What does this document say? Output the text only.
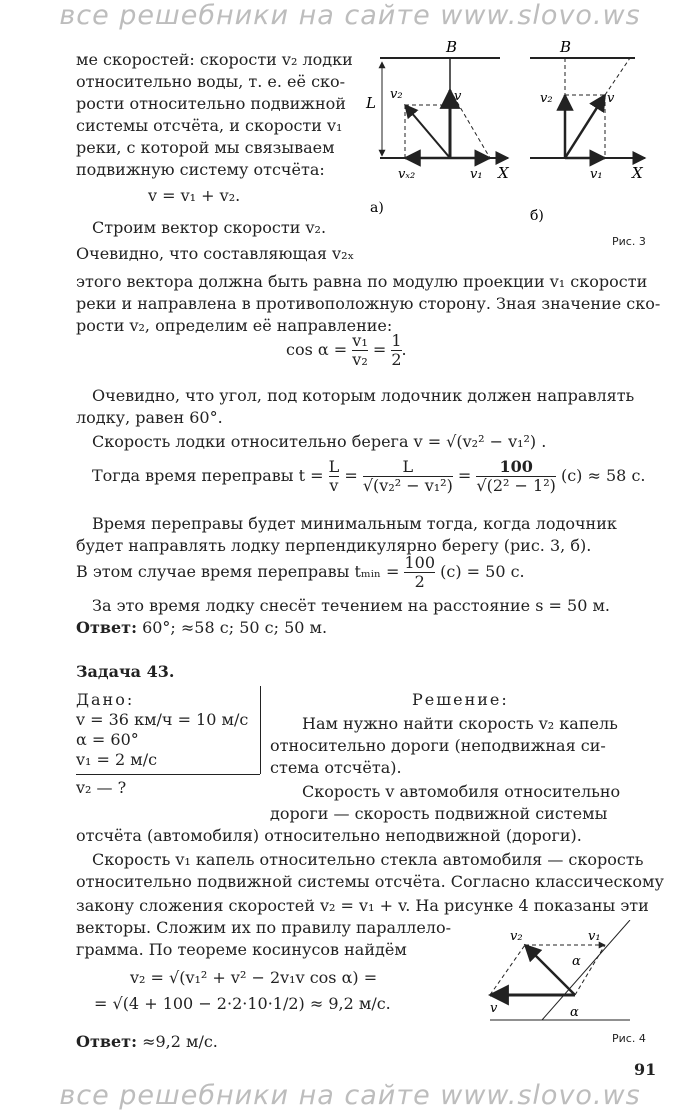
все решебники на сайте www.slovo.ws
все решебники на сайте www.slovo.ws
ме скоростей: скорости v₂ лодки
относительно воды, т. е. её ско-
рости относительно подвижной
системы отсчёта, и скорости v₁
реки, с которой мы связываем
подвижную систему отсчёта:
v = v₁ + v₂.
Строим вектор скорости v₂.
Очевидно, что составляющая v₂ₓ
B
L v₂	v
vₓ₂	v₁ X
а)
B
v₂	v
v₁ X
б)
Рис. 3
этого вектора должна быть равна по модулю проекции v₁ скорости
реки и направлена в противоположную сторону. Зная значение ско-
рости v₂, определим её направление:
$\cos \alpha = \frac{\text{v₁}}{\text{v₂}} = \frac{1}{2}$ .
Очевидно, что угол, под которым лодочник должен направлять
лодку, равен 60°.
Скорость лодки относительно берега v = √(v₂² − v₁²) .
Тогда время переправы $t = \frac{L}{v} = \frac{L}{\text{√(v₂² − v₁²)}} = \frac{100}{\text{√(2² − 1²)}} (с) \approx 58$ с.
Время переправы будет минимальным тогда, когда лодочник
будет направлять лодку перпендикулярно берегу (рис. 3, б).
В этом случае время переправы tₘᵢₙ = $\frac{100}{2} (с) = 50$ с.
За это время лодку снесёт течением на расстояние s = 50 м.
Ответ: 60°; ≈58 с; 50 с; 50 м.
Задача 43.
Дано:
v = 36 км/ч = 10 м/с
α = 60°
v₁ = 2 м/с
v₂ — ?
Решение:
Нам нужно найти скорость v₂ капель
относительно дороги (неподвижная си-
стема отсчёта).
Скорость v автомобиля относительно
дороги — скорость подвижной системы
отсчёта (автомобиля) относительно неподвижной (дороги).
Скорость v₁ капель относительно стекла автомобиля — скорость
относительно подвижной системы отсчёта. Согласно классическому
закону сложения скоростей v₂ = v₁ + v. На рисунке 4 показаны эти
векторы. Сложим их по правилу параллело-
грамма. По теореме косинусов найдём
v₂ = √(v₁² + v² − 2v₁v cos α) =
= √(4 + 100 − 2·2·10·1/2) ≈ 9,2 м/с.
Ответ: ≈9,2 м/с.
v₂	v₁
v
α
α
Рис. 4
91
